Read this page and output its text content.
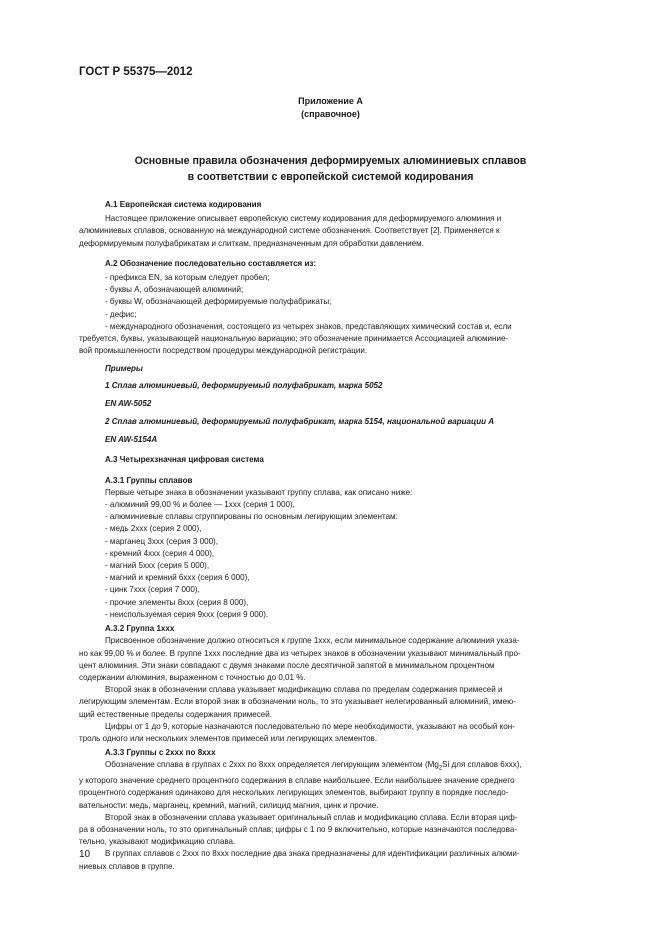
ГОСТ Р 55375—2012
Приложение А
(справочное)
Основные правила обозначения деформируемых алюминиевых сплавов
в соответствии с европейской системой кодирования

А.1 Европейская система кодирования

Настоящее приложение описывает европейскую систему кодирования для деформируемого алюминия и

алюминиевых сплавов, основанную на международной системе обозначения. Соответствует [2]. Применяется к

деформируемым полуфабрикатам и слиткам, предназначенным для обработки давлением.

А.2 Обозначение последовательно составляется из:

- префикса EN, за которым следует пробел;

- буквы А, обозначающей алюминий;

- буквы W, обозначающей деформируемые полуфабрикаты;

- дефис;

- международного обозначения, состоящего из четырех знаков, представляющих химический состав и, если

требуется, буквы, указывающей национальную вариацию; это обозначение принимается Ассоциацией алюминие-

вой промышленности посредством процедуры международной регистрации.

Примеры

1 Сплав алюминиевый, деформируемый полуфабрикат, марка 5052

EN AW-5052

2 Сплав алюминиевый, деформируемый полуфабрикат, марка 5154, национальной вариации А

EN AW-5154A

А.3 Четырехзначная цифровая система

А.3.1 Группы сплавов

Первые четыре знака в обозначении указывают группу сплава, как описано ниже:

- алюминий 99,00 % и более — 1ххх (серия 1 000),

- алюминиевые сплавы сгруппированы по основным легирующим элементам:

- медь 2ххх (серия 2 000),

- марганец 3ххх (серия 3 000),

- кремний 4ххх (серия 4 000),

- магний 5ххх (серия 5 000),

- магний и кремний 6ххх (серия 6 000),

- цинк 7ххх (серия 7 000),

- прочие элементы 8ххх (серия 8 000),

- неиспользуемая серия 9ххх (серия 9 000).

А.3.2 Группа 1ххх

Присвоенное обозначение должно относиться к группе 1ххх, если минимальное содержание алюминия указа-

но как 99,00 % и более. В группе 1ххх последние два из четырех знаков в обозначении указывают минимальный про-

цент алюминия. Эти знаки совпадают с двумя знаками после десятичной запятой в минимальном процентном

содержании алюминия, выраженном с точностью до 0,01 %.

Второй знак в обозначении сплава указывает модификацию сплава по пределам содержания примесей и

легирующим элементам. Если второй знак в обозначении ноль, то это указывает нелегированный алюминий, имею-

щий естественные пределы содержания примесей.

Цифры от 1 до 9, которые назначаются последовательно по мере необходимости, указывают на особый кон-

троль одного или нескольких элементов примесей или легирующих элементов.

А.3.3 Группы с 2ххх по 8ххх

Обозначение сплава в группах с 2ххх по 8ххх определяется легирующим элементом ($Mg_2Si$ для сплавов 6ххх),

у которого значение среднего процентного содержания в сплаве наибольшее. Если наибольшее значение среднего

процентного содержания одинаково для нескольких легирующих элементов, выбирают группу в порядке последо-

вательности: медь, марганец, кремний, магний, силицид магния, цинк и прочие.

Второй знак в обозначении сплава указывает оригинальный сплав и модификацию сплава. Если вторая циф-

ра в обозначении ноль, то это оригинальный сплав; цифры с 1 по 9 включительно, которые назначаются последова-

тельно, указывают модификацию сплава.

В группах сплавов с 2ххх по 8ххх последние два знака предназначены для идентификации различных алюми-

ниевых сплавов в группе.

10
